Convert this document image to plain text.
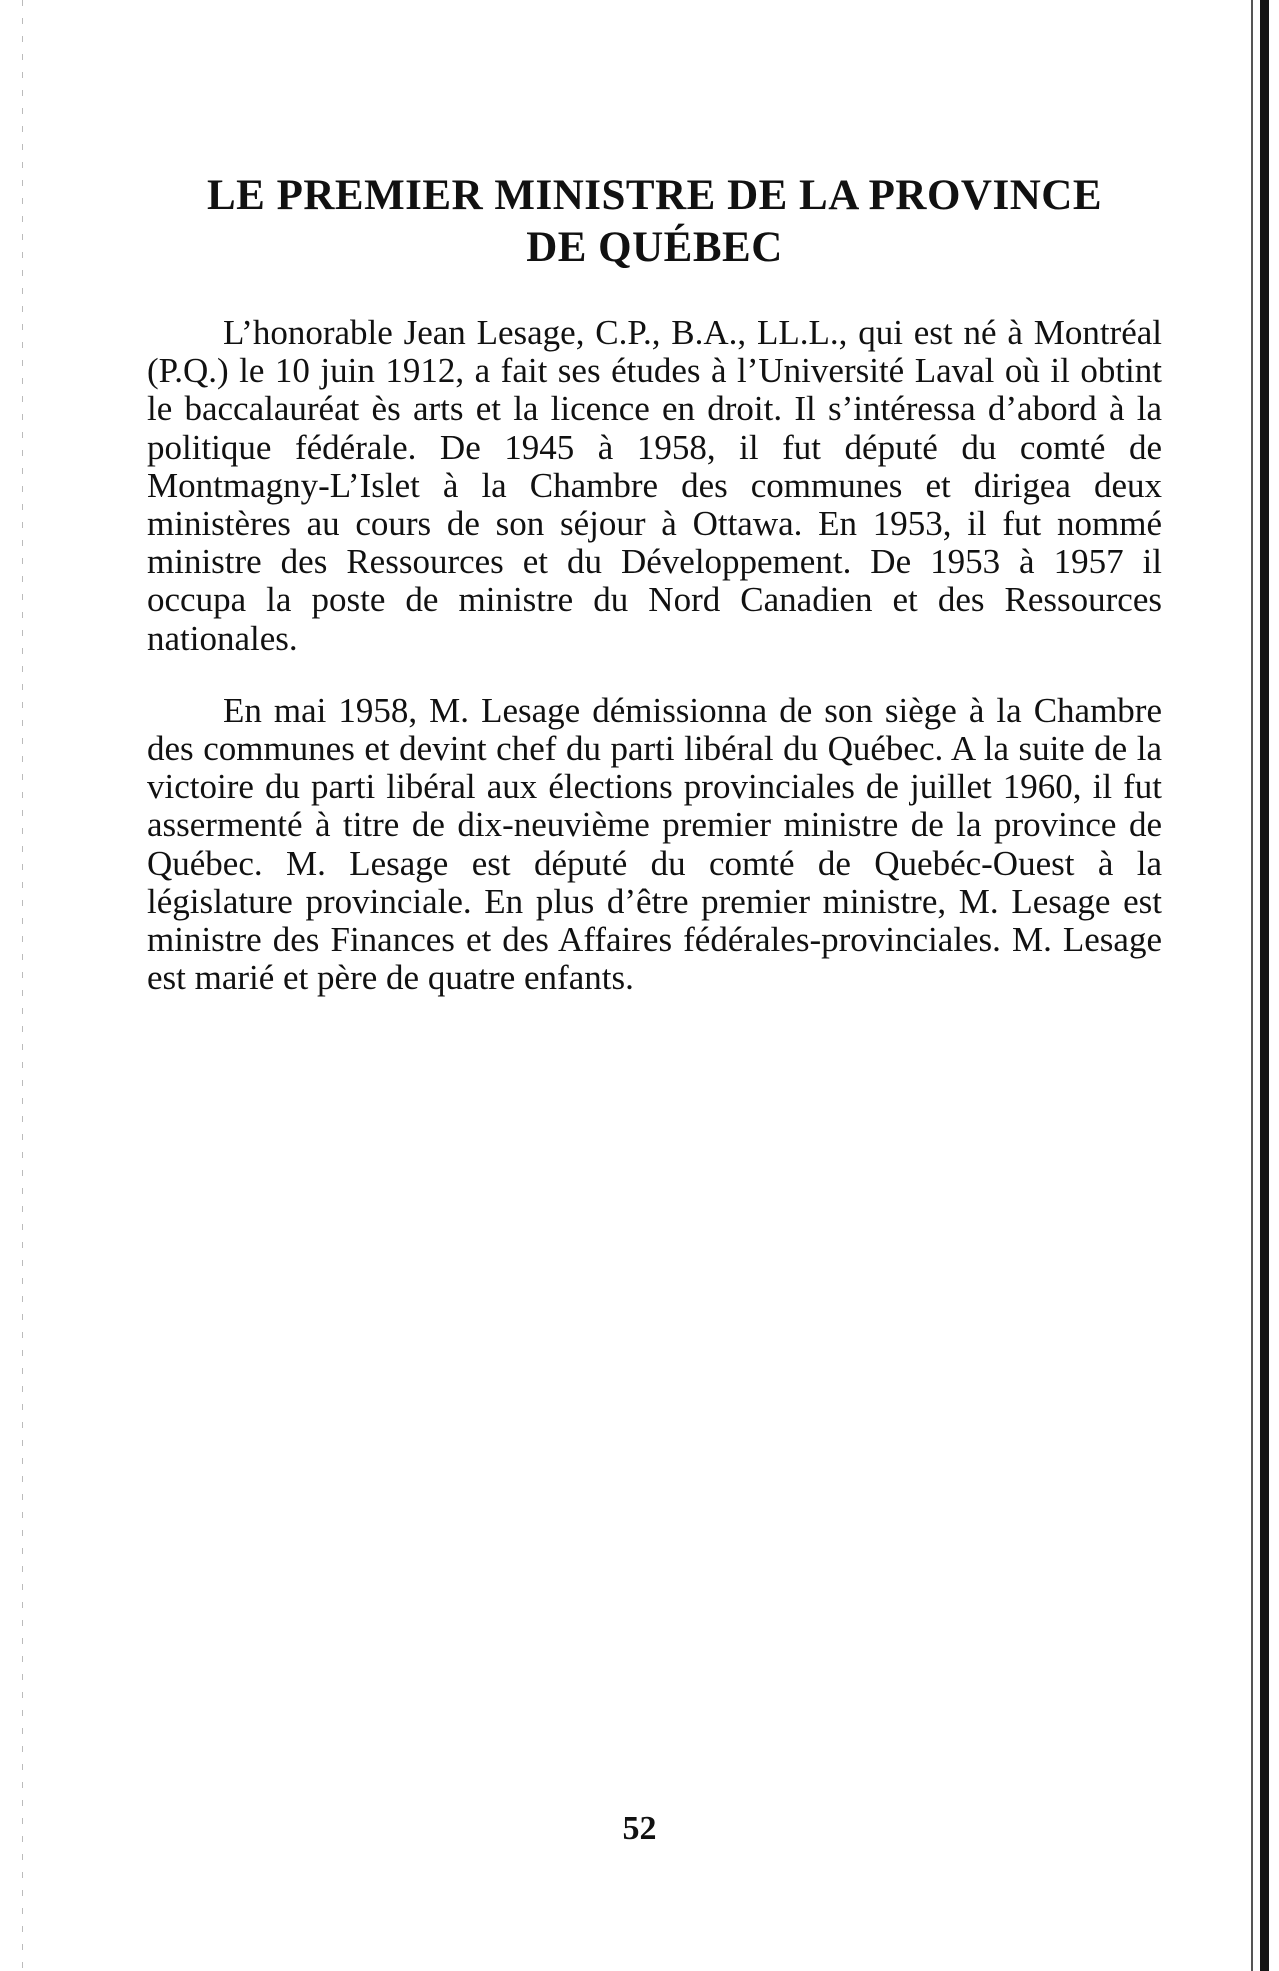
LE PREMIER MINISTRE DE LA PROVINCE
DE QUÉBEC

L’honorable Jean Lesage, C.P., B.A., LL.L., qui est né à Montréal (P.Q.) le 10 juin 1912, a fait ses études à l’Université Laval où il obtint le baccalauréat ès arts et la licence en droit. Il s’intéressa d’abord à la politique fédérale. De 1945 à 1958, il fut député du comté de Montmagny-L’Islet à la Chambre des communes et dirigea deux ministères au cours de son séjour à Ottawa. En 1953, il fut nommé ministre des Ressources et du Développement. De 1953 à 1957 il occupa la poste de ministre du Nord Canadien et des Ressources nationales.

En mai 1958, M. Lesage démissionna de son siège à la Chambre des communes et devint chef du parti libéral du Québec. A la suite de la victoire du parti libéral aux élections provinciales de juillet 1960, il fut assermenté à titre de dix-neuvième premier ministre de la province de Québec. M. Lesage est député du comté de Quebéc-Ouest à la législature provinciale. En plus d’être premier ministre, M. Lesage est ministre des Finances et des Affaires fédérales-provinciales. M. Lesage est marié et père de quatre enfants.

52
